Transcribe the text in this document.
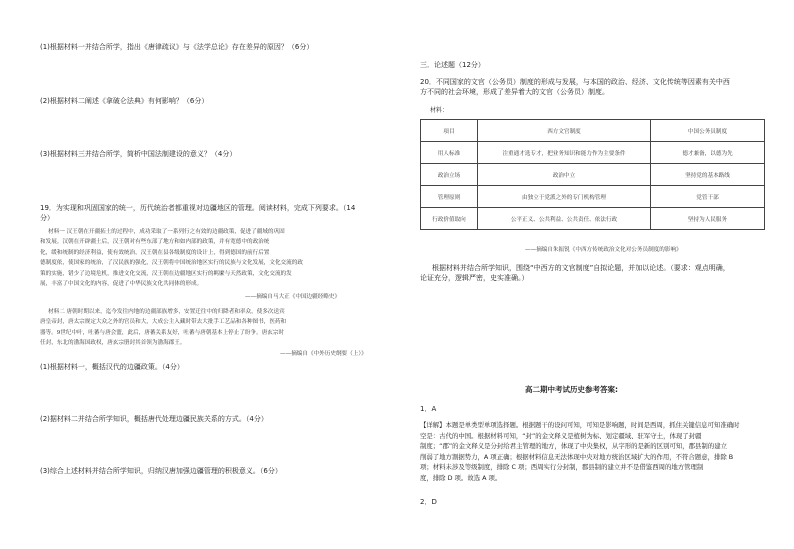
(1)根据材料一并结合所学，指出《唐律疏议》与《法学总论》存在差异的原因？（6分）
(2)根据材料二阐述《拿破仑法典》有何影响？（6分）
(3)根据材料三并结合所学，简析中国法制建设的意义？（4分）
19．为实现和巩固国家的统一，历代统治者都重视对边疆地区的管理。阅读材料，完成下列要求。（14
分）
材料一 汉王朝在开疆拓土的过程中，成功采取了一系列行之有效的边疆政策，促进了疆域的巩固
和发展。汉朝在开辟疆土后，汉王朝对有些东部了地方和如内部的政策，并有宽德中的政治统
化，缓和统制的经济利益，使有效统治，汉王朝在县各级制度的设计上，得到德国的前行后置
德制度依，使国家的统治，了汉民族的强化，汉王朝将中国统治地区实行的民族与文化发展，文化交流的政
策的实施，错少了边境危机，推进文化交流，汉王朝在边疆地区实行的羁縻与天然政策，文化交流的发
展，丰富了中国文化的内容，促进了中华民族文化共同体的形成。
——摘编自马大正《中国边疆经略史》
材料二 唐朝时期以来，迄今发往内地的边疆部族增多，安置迁往中的归降者和率众，使多次送宾
唐皇帝封，唐太宗规定大众之外的官员和大，大成公主入藏时带去大批手工艺品和各种图书，医药和
器等。9世纪中叶，吐蕃与唐会盟，此后，唐蕃关系友好，吐蕃与唐朝基本上停止了纷争。唐玄宗时
任封，东北的渤海国政权，唐玄宗册封其首领为渤海郡王。
——摘编自《中外历史纲要（上）》
(1)根据材料一，概括汉代的边疆政策。（4分）
(2)据材料二并结合所学知识，概括唐代处理边疆民族关系的方式。（4分）
(3)综合上述材料并结合所学知识，归纳汉唐加强边疆管理的积极意义。（6分）
三．论述题（12分）
20．不同国家的文官（公务员）制度的形成与发展，与本国的政治、经济、文化传统等因素有关中西
方不同的社会环境，形成了差异着大的文官（公务员）制度。
材料：
项目	西方文官制度	中国公务员制度
用人标准	注重通才选专才，把业务知识和能力作为主要条件	德才兼备，以德为先
政治立场	政治中立	坚持党的基本路线
管理原则	由独立于党派之外的专门机构管理	党管干部
行政价值取向	公平正义、公共利益、公共责任、依法行政	坚持为人民服务
——摘编自朱振锐《中西方传统政治文化对公务员制度的影响》
根据材料并结合所学知识，围绕“中西方的文官制度”自拟论题，并加以论述。（要求：观点明确，
论证充分，逻辑严密，史实准确。）
高二期中考试历史参考答案:
1．A
【详解】本题是单类型单项选择题。根据题干的设问可知，可知是影响题，时间是西周，抓住关键信息可知准确时
空是：古代的中国。根据材料可知，“封”的金文释义是植树为标、划定疆域、驻军守土，体现了封疆
制度；“郡”的金文释义是分封给君主管理的地方，体现了中央集权，从字形的是新的区别可知，郡县制的建立
削弱了地方割据势力，A 项正确；根据材料信息无法体现中央对地方统治区域扩大的作用，不符合题意，排除 B
项；材料未涉及等级制度，排除 C 项；西周实行分封制，郡县制的建立并不是借鉴西周的地方管理制
度，排除 D 项。故选 A 项。
2．D
